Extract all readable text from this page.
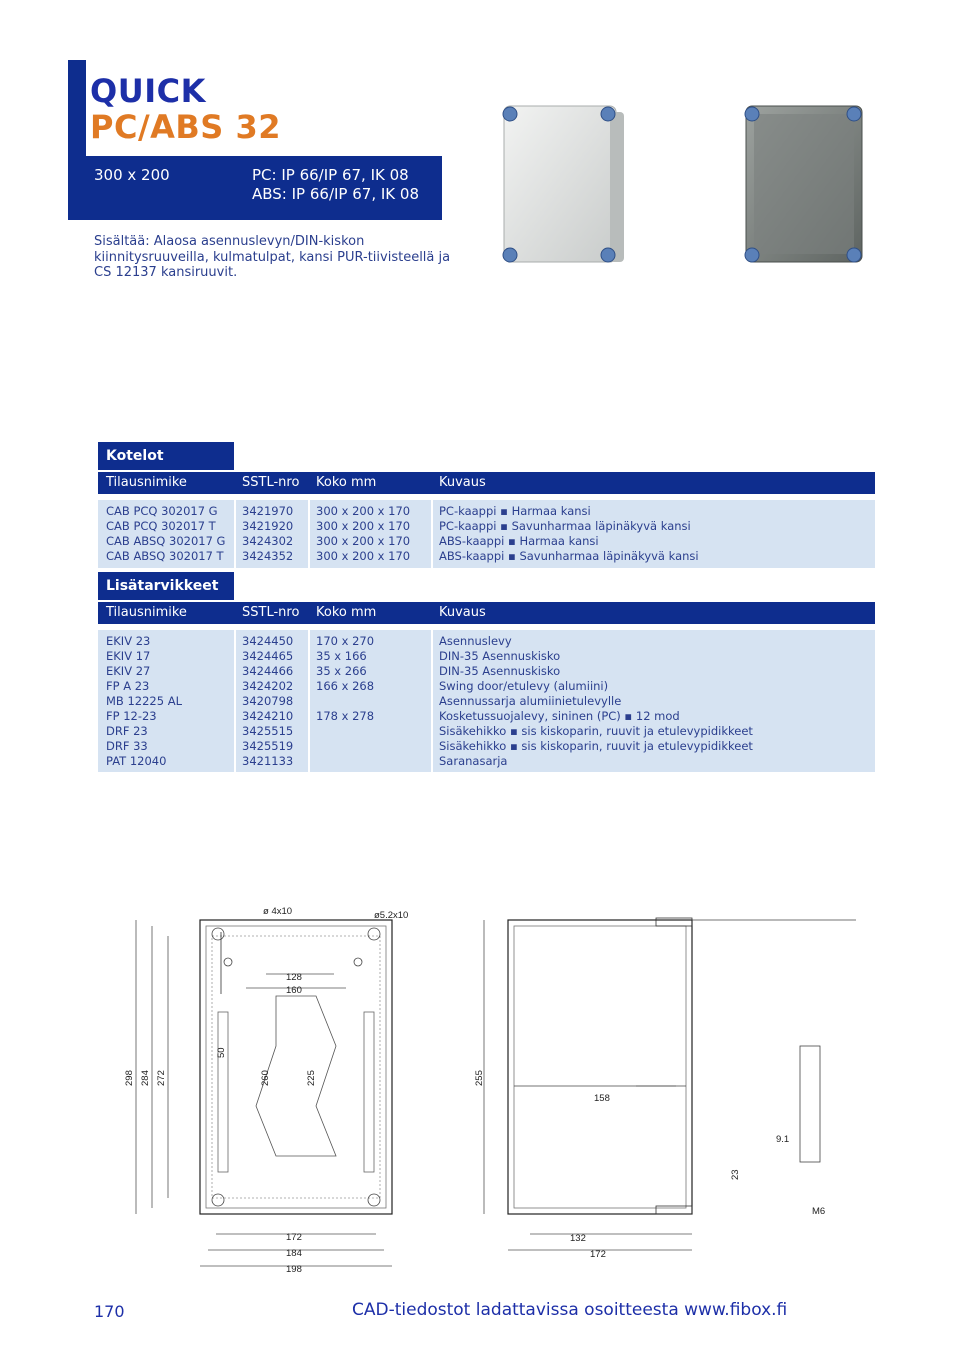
QUICK
PC/ABS 32
300 x 200	PC: IP 66/IP 67, IK 08
ABS: IP 66/IP 67, IK 08
Sisältää: Alaosa asennuslevyn/DIN-kiskon kiinnitysruuveilla, kulmatulpat, kansi PUR-tiivisteellä ja CS 12137 kansiruuvit.
Kotelot
Tilausnimike	SSTL-nro Koko mm	Kuvaus
CAB PCQ 302017 G 3421970 300 x 200 x 170	PC-kaappi ▪ Harmaa kansi
CAB PCQ 302017 T 3421920 300 x 200 x 170	PC-kaappi ▪ Savunharmaa läpinäkyvä kansi
CAB ABSQ 302017 G 3424302 300 x 200 x 170	ABS-kaappi ▪ Harmaa kansi
CAB ABSQ 302017 T 3424352 300 x 200 x 170	ABS-kaappi ▪ Savunharmaa läpinäkyvä kansi
Lisätarvikkeet
Tilausnimike	SSTL-nro Koko mm	Kuvaus
EKIV 23	3424450 170 x 270	Asennuslevy
EKIV 17	3424465 35 x 166	DIN-35 Asennuskisko
EKIV 27	3424466 35 x 266	DIN-35 Asennuskisko
FP A 23	3424202 166 x 268	Swing door/etulevy (alumiini)
MB 12225 AL	3420798	Asennussarja alumiinietulevylle
FP 12-23	3424210 178 x 278	Kosketussuojalevy, sininen (PC) ▪ 12 mod
DRF 23	3425515	Sisäkehikko ▪ sis kiskoparin, ruuvit ja etulevypidikkeet
DRF 33	3425519	Sisäkehikko ▪ sis kiskoparin, ruuvit ja etulevypidikkeet
PAT 12040	3421133	Saranasarja
ø 4x10	ø5.2x10
128
160
50
298 284 272	260	225	255
158
9.1
23
M6
172
184
198
132
172
170	CAD-tiedostot ladattavissa osoitteesta www.fibox.fi
